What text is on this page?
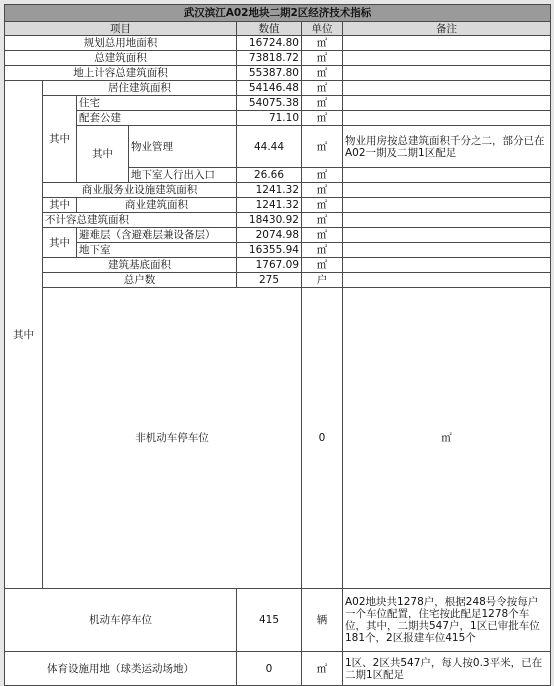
武汉滨江A02地块二期2区经济技术指标							
项目				数值	单位	备注	
规划总用地面积				16724.80	㎡		
总建筑面积				73818.72	㎡		
地上计容总建筑面积				55387.80	㎡		
其中	居住建筑面积			54146.48	㎡		
	其中	住宅		54075.38	㎡		
		配套公建		71.10	㎡		
		其中	物业管理	44.44	㎡	物业用房按总建筑面积千分之二，部分已在A02一期及二期1区配足	
			地下室人行出入口	26.66	㎡		
	商业服务业设施建筑面积			1241.32	㎡		
	其中	商业建筑面积		1241.32	㎡		
	不计容总建筑面积			18430.92	㎡		
	其中	避难层（含避难层兼设备层）		2074.98	㎡		
		地下室		16355.94	㎡		
	建筑基底面积			1767.09	㎡		
	总户数			275	户		
	非机动车停车位				0	㎡	
机动车停车位				415	辆	A02地块共1278户，根据248号令按每户一个车位配置，住宅按此配足1278个车位，其中，二期共547户，1区已审批车位181个，2区报建车位415个	
体育设施用地（球类运动场地）				0	㎡	1区、2区共547户，每人按0.3平米，已在二期1区配足	
